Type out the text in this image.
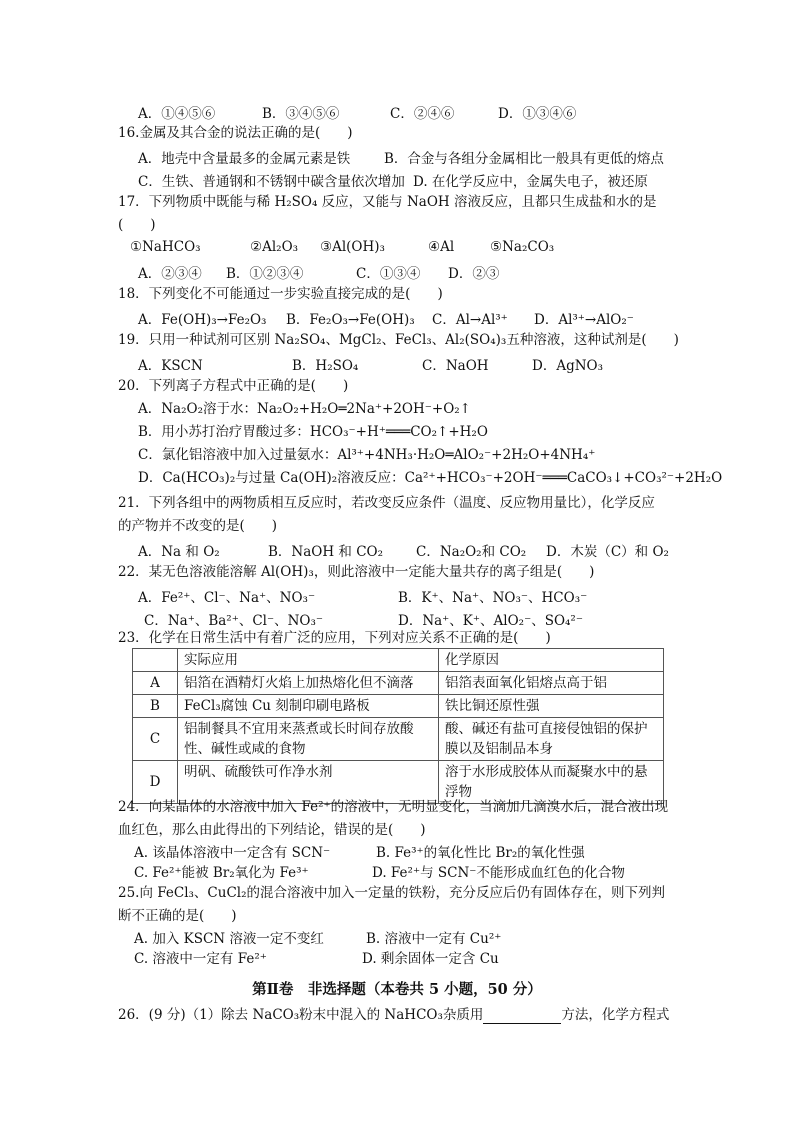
A．①④⑤⑥	B．③④⑤⑥	C．②④⑥	D．①③④⑥
16.金属及其合金的说法正确的是(　　)
A．地壳中含量最多的金属元素是铁	B．合金与各组分金属相比一般具有更低的熔点
C．生铁、普通钢和不锈钢中碳含量依次增加 D. 在化学反应中，金属失电子，被还原
17．下列物质中既能与稀 H₂SO₄ 反应，又能与 NaOH 溶液反应，且都只生成盐和水的是
(　　)
①NaHCO₃	②Al₂O₃ ③Al(OH)₃	④Al	⑤Na₂CO₃
A．②③④ B．①②③④	C．①③④ D．②③
18．下列变化不可能通过一步实验直接完成的是(　　)
A．Fe(OH)₃→Fe₂O₃ B．Fe₂O₃→Fe(OH)₃ C．Al→Al³⁺ D．Al³⁺→AlO₂⁻
19．只用一种试剂可区别 Na₂SO₄、MgCl₂、FeCl₃、Al₂(SO₄)₃五种溶液，这种试剂是(　　)
A．KSCN	B．H₂SO₄	C．NaOH	D．AgNO₃
20．下列离子方程式中正确的是(　　)
A．Na₂O₂溶于水：Na₂O₂+H₂O═2Na⁺+2OH⁻+O₂↑
B．用小苏打治疗胃酸过多：HCO₃⁻+H⁺═══CO₂↑+H₂O
C．氯化铝溶液中加入过量氨水：Al³⁺+4NH₃·H₂O═AlO₂⁻+2H₂O+4NH₄⁺
D．Ca(HCO₃)₂与过量 Ca(OH)₂溶液反应：Ca²⁺+HCO₃⁻+2OH⁻═══CaCO₃↓+CO₃²⁻+2H₂O
21．下列各组中的两物质相互反应时，若改变反应条件（温度、反应物用量比），化学反应
的产物并不改变的是(　　)
A．Na 和 O₂	B．NaOH 和 CO₂ C．Na₂O₂和 CO₂ D．木炭（C）和 O₂
22．某无色溶液能溶解 Al(OH)₃，则此溶液中一定能大量共存的离子组是(　　)
A．Fe²⁺、Cl⁻、Na⁺、NO₃⁻	B．K⁺、Na⁺、NO₃⁻、HCO₃⁻
C．Na⁺、Ba²⁺、Cl⁻、NO₃⁻	D．Na⁺、K⁺、AlO₂⁻、SO₄²⁻
23．化学在日常生活中有着广泛的应用，下列对应关系不正确的是(　　)
	实际应用	化学原因
A	铝箔在酒精灯火焰上加热熔化但不滴落	铝箔表面氧化铝熔点高于铝
B	FeCl₃腐蚀 Cu 刻制印刷电路板	铁比铜还原性强
C	铝制餐具不宜用来蒸煮或长时间存放酸性、碱性或咸的食物	酸、碱还有盐可直接侵蚀铝的保护膜以及铝制品本身
D	明矾、硫酸铁可作净水剂	溶于水形成胶体从而凝聚水中的悬浮物
24．向某晶体的水溶液中加入 Fe²⁺的溶液中，无明显变化，当滴加几滴溴水后，混合液出现
血红色，那么由此得出的下列结论，错误的是(　　)
A. 该晶体溶液中一定含有 SCN⁻	B. Fe³⁺的氧化性比 Br₂的氧化性强
C. Fe²⁺能被 Br₂氧化为 Fe³⁺	D. Fe²⁺与 SCN⁻不能形成血红色的化合物
25.向 FeCl₃、CuCl₂的混合溶液中加入一定量的铁粉，充分反应后仍有固体存在，则下列判
断不正确的是(　　)
A. 加入 KSCN 溶液一定不变红	B. 溶液中一定有 Cu²⁺
C. 溶液中一定有 Fe²⁺	D. 剩余固体一定含 Cu
第Ⅱ卷　非选择题（本卷共 5 小题，50 分）
26．(9 分)（1）除去 NaCO₃粉末中混入的 NaHCO₃杂质用	方法，化学方程式
